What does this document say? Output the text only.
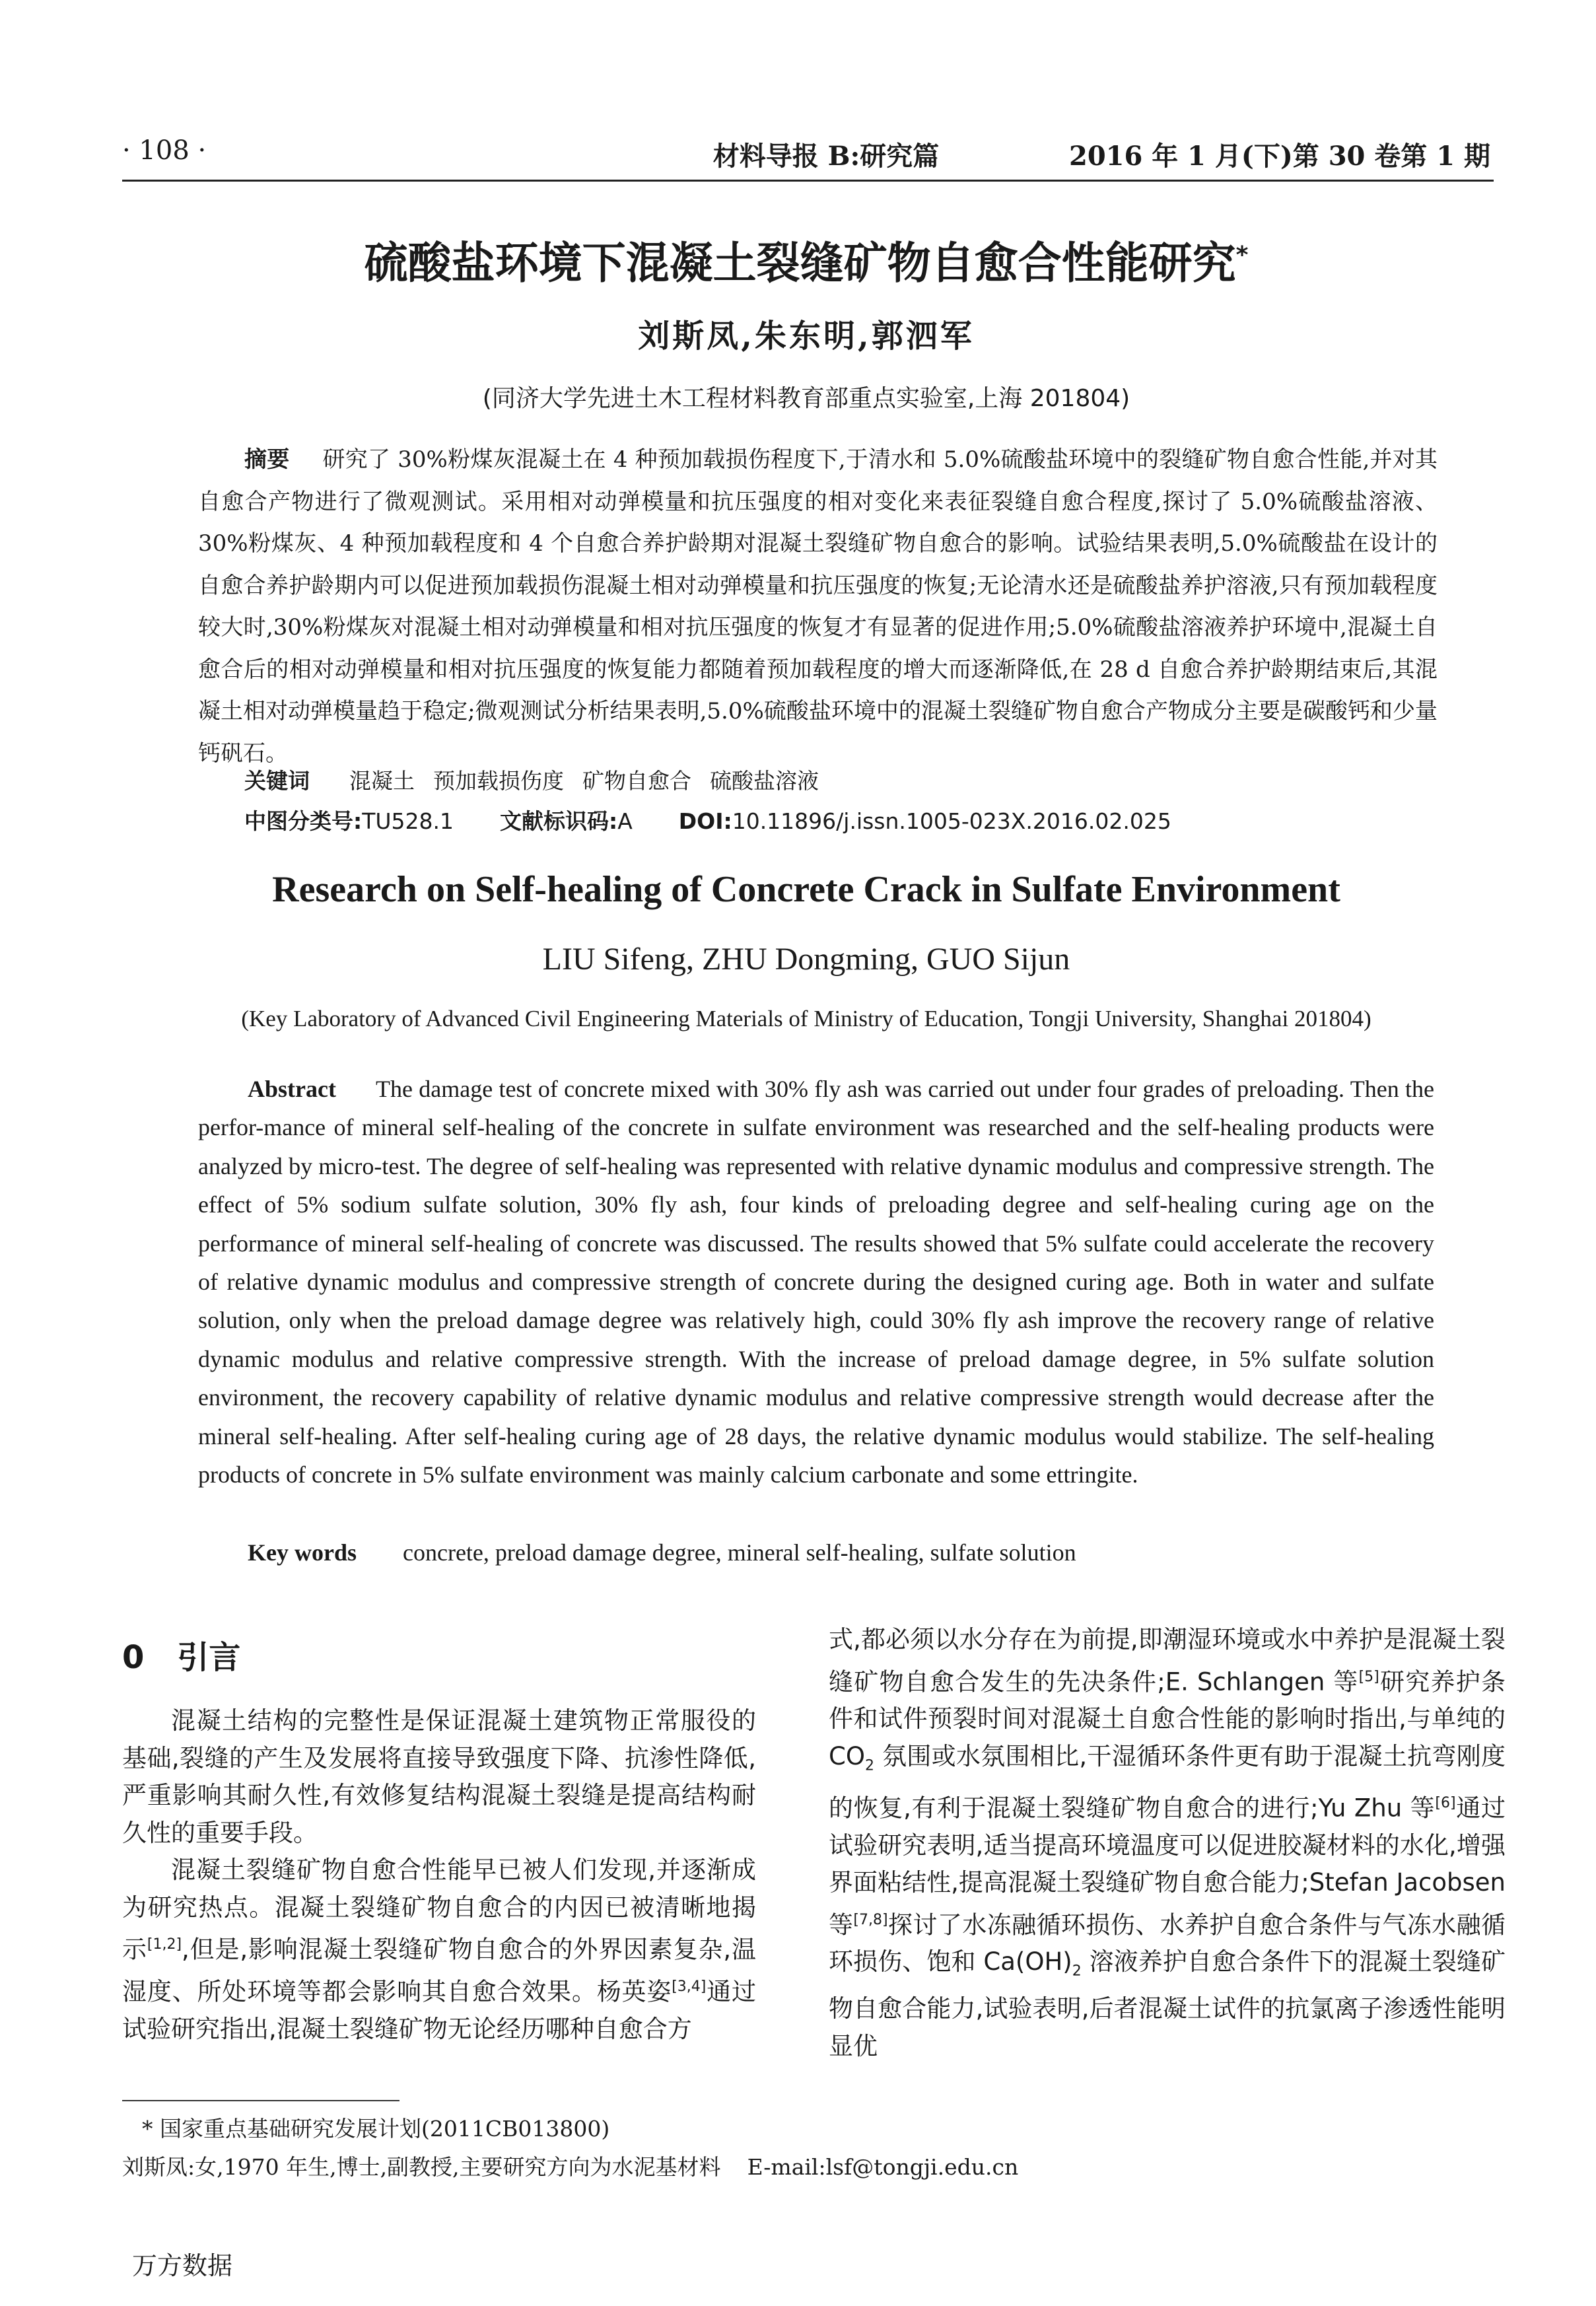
· 108 ·	材料导报 B:研究篇	2016 年 1 月(下)第 30 卷第 1 期
硫酸盐环境下混凝土裂缝矿物自愈合性能研究*
刘斯凤,朱东明,郭泗军
(同济大学先进土木工程材料教育部重点实验室,上海 201804)
摘要 研究了 30%粉煤灰混凝土在 4 种预加载损伤程度下,于清水和 5.0%硫酸盐环境中的裂缝矿物自愈合性能,并对其自愈合产物进行了微观测试。采用相对动弹模量和抗压强度的相对变化来表征裂缝自愈合程度,探讨了 5.0%硫酸盐溶液、30%粉煤灰、4 种预加载程度和 4 个自愈合养护龄期对混凝土裂缝矿物自愈合的影响。试验结果表明,5.0%硫酸盐在设计的自愈合养护龄期内可以促进预加载损伤混凝土相对动弹模量和抗压强度的恢复;无论清水还是硫酸盐养护溶液,只有预加载程度较大时,30%粉煤灰对混凝土相对动弹模量和相对抗压强度的恢复才有显著的促进作用;5.0%硫酸盐溶液养护环境中,混凝土自愈合后的相对动弹模量和相对抗压强度的恢复能力都随着预加载程度的增大而逐渐降低,在 28 d 自愈合养护龄期结束后,其混凝土相对动弹模量趋于稳定;微观测试分析结果表明,5.0%硫酸盐环境中的混凝土裂缝矿物自愈合产物成分主要是碳酸钙和少量钙矾石。
关键词 混凝土 预加载损伤度 矿物自愈合 硫酸盐溶液
中图分类号:TU528.1 文献标识码:A DOI:10.11896/j.issn.1005-023X.2016.02.025
Research on Self-healing of Concrete Crack in Sulfate Environment
LIU Sifeng, ZHU Dongming, GUO Sijun
(Key Laboratory of Advanced Civil Engineering Materials of Ministry of Education, Tongji University, Shanghai 201804)
Abstract The damage test of concrete mixed with 30% fly ash was carried out under four grades of preloading. Then the perfor-mance of mineral self-healing of the concrete in sulfate environment was researched and the self-healing products were analyzed by micro-test. The degree of self-healing was represented with relative dynamic modulus and compressive strength. The effect of 5% sodium sulfate solution, 30% fly ash, four kinds of preloading degree and self-healing curing age on the performance of mineral self-healing of concrete was discussed. The results showed that 5% sulfate could accelerate the recovery of relative dynamic modulus and compressive strength of concrete during the designed curing age. Both in water and sulfate solution, only when the preload damage degree was relatively high, could 30% fly ash improve the recovery range of relative dynamic modulus and relative compressive strength. With the increase of preload damage degree, in 5% sulfate solution environment, the recovery capability of relative dynamic modulus and relative compressive strength would decrease after the mineral self-healing. After self-healing curing age of 28 days, the relative dynamic modulus would stabilize. The self-healing products of concrete in 5% sulfate environment was mainly calcium carbonate and some ettringite.
Key words concrete, preload damage degree, mineral self-healing, sulfate solution
0 引言

混凝土结构的完整性是保证混凝土建筑物正常服役的基础,裂缝的产生及发展将直接导致强度下降、抗渗性降低,严重影响其耐久性,有效修复结构混凝土裂缝是提高结构耐久性的重要手段。

混凝土裂缝矿物自愈合性能早已被人们发现,并逐渐成为研究热点。混凝土裂缝矿物自愈合的内因已被清晰地揭示[1,2],但是,影响混凝土裂缝矿物自愈合的外界因素复杂,温湿度、所处环境等都会影响其自愈合效果。杨英姿[3,4]通过试验研究指出,混凝土裂缝矿物无论经历哪种自愈合方

式,都必须以水分存在为前提,即潮湿环境或水中养护是混凝土裂缝矿物自愈合发生的先决条件;E. Schlangen 等[5]研究养护条件和试件预裂时间对混凝土自愈合性能的影响时指出,与单纯的 $CO_2$ 氛围或水氛围相比,干湿循环条件更有助于混凝土抗弯刚度的恢复,有利于混凝土裂缝矿物自愈合的进行;Yu Zhu 等[6]通过试验研究表明,适当提高环境温度可以促进胶凝材料的水化,增强界面粘结性,提高混凝土裂缝矿物自愈合能力;Stefan Jacobsen 等[7,8]探讨了水冻融循环损伤、水养护自愈合条件与气冻水融循环损伤、饱和 $Ca(OH)_2$ 溶液养护自愈合条件下的混凝土裂缝矿物自愈合能力,试验表明,后者混凝土试件的抗氯离子渗透性能明显优

* 国家重点基础研究发展计划(2011CB013800)

刘斯凤:女,1970 年生,博士,副教授,主要研究方向为水泥基材料 E-mail:lsf@tongji.edu.cn

万方数据
